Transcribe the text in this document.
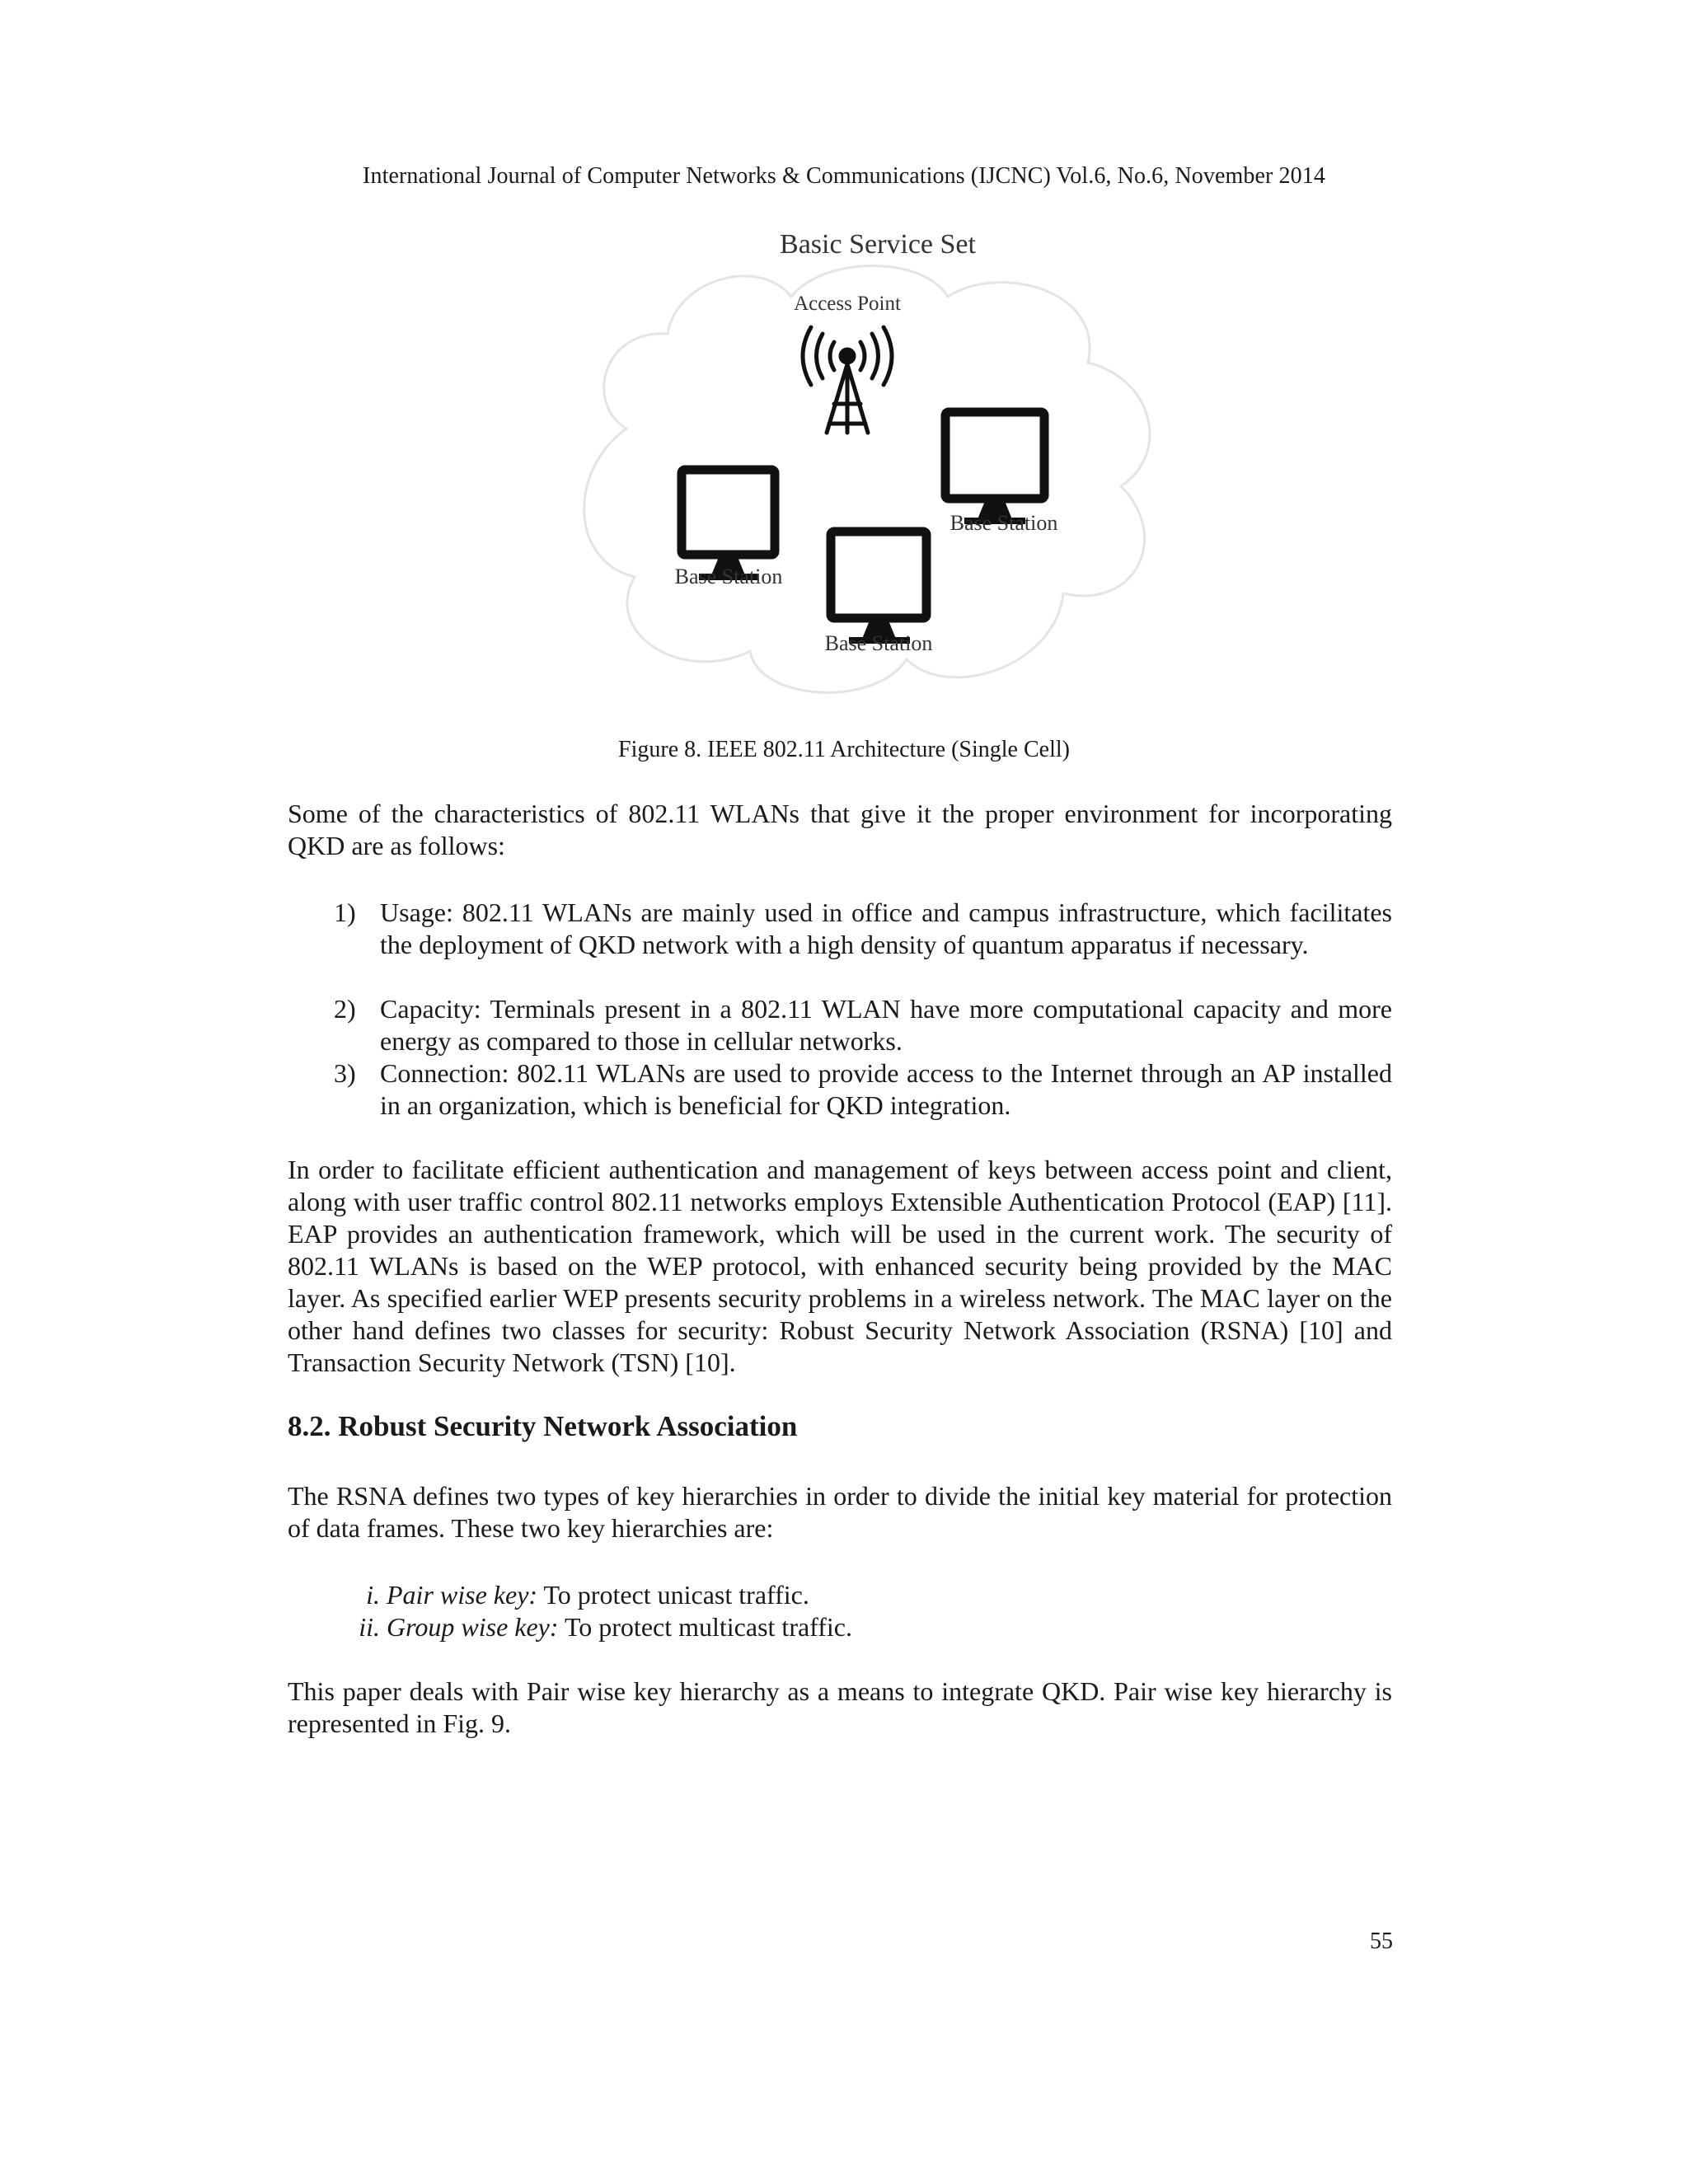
International Journal of Computer Networks & Communications (IJCNC) Vol.6, No.6, November 2014
Basic Service Set
Access Point
Base Station
Base Station
Base Station
Figure 8. IEEE 802.11 Architecture (Single Cell)

Some of the characteristics of 802.11 WLANs that give it the proper environment for incorporating QKD are as follows:

1) Usage: 802.11 WLANs are mainly used in office and campus infrastructure, which facilitates the deployment of QKD network with a high density of quantum apparatus if necessary.
2) Capacity: Terminals present in a 802.11 WLAN have more computational capacity and more energy as compared to those in cellular networks.
3) Connection: 802.11 WLANs are used to provide access to the Internet through an AP installed in an organization, which is beneficial for QKD integration.

In order to facilitate efficient authentication and management of keys between access point and client, along with user traffic control 802.11 networks employs Extensible Authentication Protocol (EAP) [11]. EAP provides an authentication framework, which will be used in the current work. The security of 802.11 WLANs is based on the WEP protocol, with enhanced security being provided by the MAC layer. As specified earlier WEP presents security problems in a wireless network. The MAC layer on the other hand defines two classes for security: Robust Security Network Association (RSNA) [10] and Transaction Security Network (TSN) [10].

8.2. Robust Security Network Association

The RSNA defines two types of key hierarchies in order to divide the initial key material for protection of data frames. These two key hierarchies are:

i. Pair wise key: To protect unicast traffic.
ii. Group wise key: To protect multicast traffic.

This paper deals with Pair wise key hierarchy as a means to integrate QKD. Pair wise key hierarchy is represented in Fig. 9.

55
